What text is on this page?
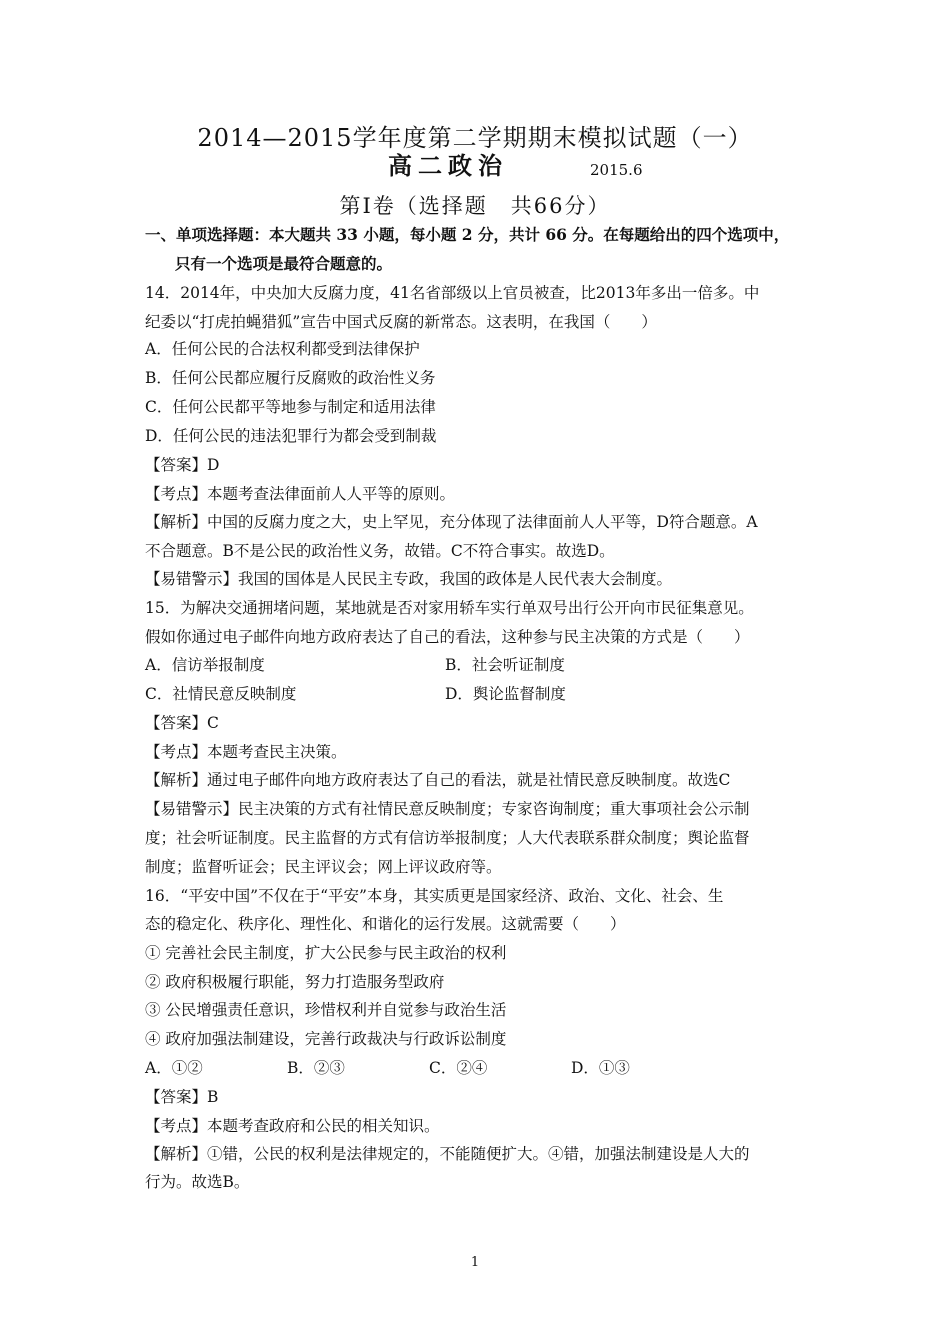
2014—2015学年度第二学期期末模拟试题（一）
高二政治	2015.6
第Ⅰ卷（选择题　共66分）
一、单项选择题：本大题共 33 小题，每小题 2 分，共计 66 分。在每题给出的四个选项中，
只有一个选项是最符合题意的。
14．2014年，中央加大反腐力度，41名省部级以上官员被查，比2013年多出一倍多。中
纪委以“打虎拍蝇猎狐”宣告中国式反腐的新常态。这表明，在我国（　　）
A．任何公民的合法权利都受到法律保护
B．任何公民都应履行反腐败的政治性义务
C．任何公民都平等地参与制定和适用法律
D．任何公民的违法犯罪行为都会受到制裁
【答案】D
【考点】本题考查法律面前人人平等的原则。
【解析】中国的反腐力度之大，史上罕见，充分体现了法律面前人人平等，D符合题意。A
不合题意。B不是公民的政治性义务，故错。C不符合事实。故选D。
【易错警示】我国的国体是人民民主专政，我国的政体是人民代表大会制度。
15．为解决交通拥堵问题，某地就是否对家用轿车实行单双号出行公开向市民征集意见。
假如你通过电子邮件向地方政府表达了自己的看法，这种参与民主决策的方式是（　　）
A．信访举报制度	B．社会听证制度
C．社情民意反映制度	D．舆论监督制度
【答案】C
【考点】本题考查民主决策。
【解析】通过电子邮件向地方政府表达了自己的看法，就是社情民意反映制度。故选C
【易错警示】民主决策的方式有社情民意反映制度；专家咨询制度；重大事项社会公示制
度；社会听证制度。民主监督的方式有信访举报制度；人大代表联系群众制度；舆论监督
制度；监督听证会；民主评议会；网上评议政府等。
16．“平安中国”不仅在于“平安”本身，其实质更是国家经济、政治、文化、社会、生
态的稳定化、秩序化、理性化、和谐化的运行发展。这就需要（　　）
① 完善社会民主制度，扩大公民参与民主政治的权利
② 政府积极履行职能，努力打造服务型政府
③ 公民增强责任意识，珍惜权利并自觉参与政治生活
④ 政府加强法制建设，完善行政裁决与行政诉讼制度
A．①②	B．②③	C．②④	D．①③
【答案】B
【考点】本题考查政府和公民的相关知识。
【解析】①错，公民的权利是法律规定的，不能随便扩大。④错，加强法制建设是人大的
行为。故选B。
1
